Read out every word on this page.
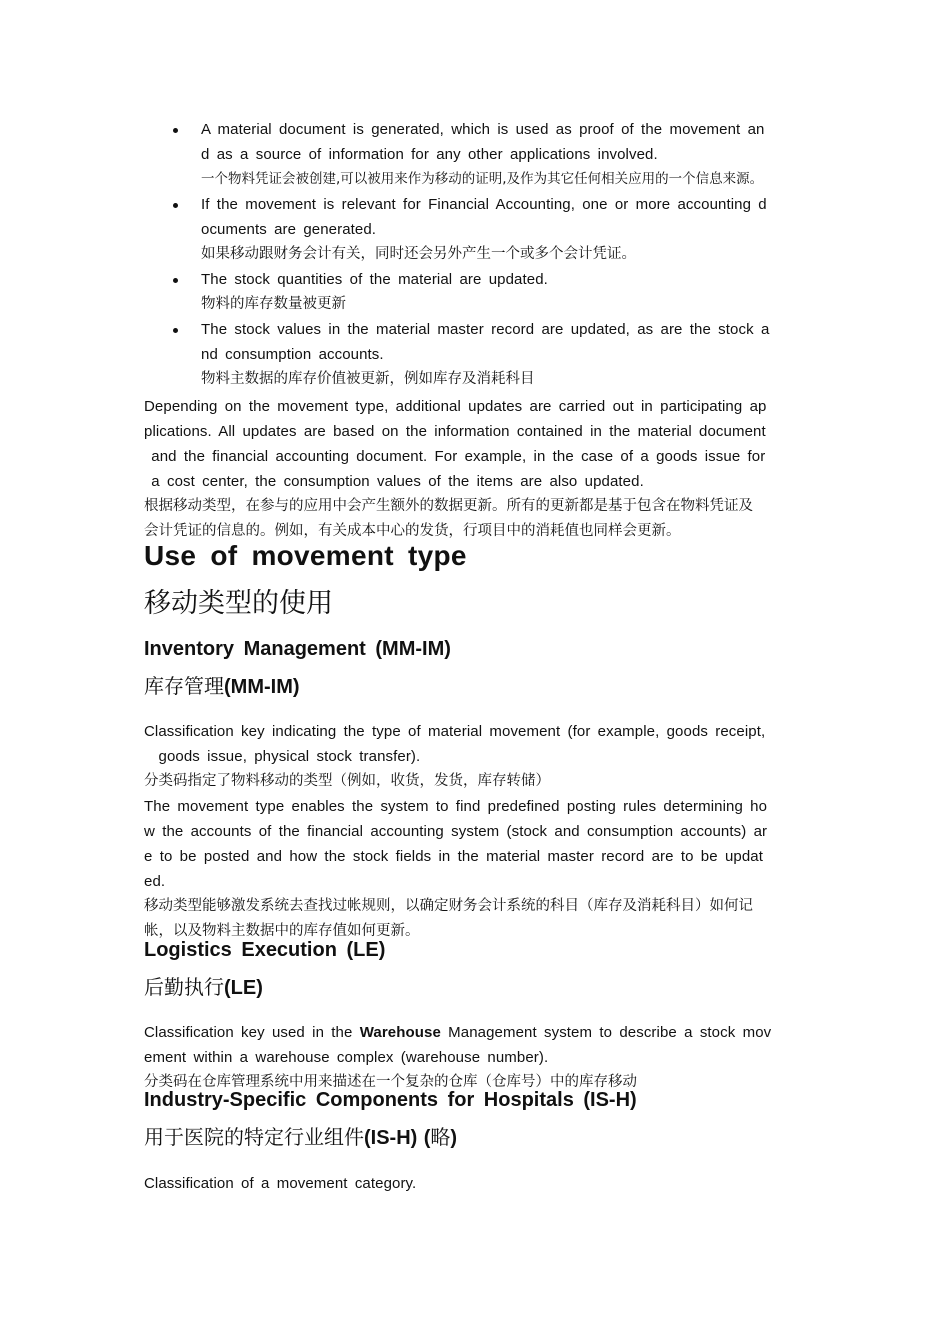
A material document is generated, which is used as proof of the movement an
d as a source of information for any other applications involved.
一个物料凭证会被创建,可以被用来作为移动的证明,及作为其它任何相关应用的一个信息来源。
If the movement is relevant for Financial Accounting, one or more accounting d
ocuments are generated.
如果移动跟财务会计有关，同时还会另外产生一个或多个会计凭证。
The stock quantities of the material are updated.
物料的库存数量被更新
The stock values in the material master record are updated, as are the stock a
nd consumption accounts.
物料主数据的库存价值被更新，例如库存及消耗科目
Depending on the movement type, additional updates are carried out in participating ap
plications. All updates are based on the information contained in the material document
and the financial accounting document. For example, in the case of a goods issue for
a cost center, the consumption values of the items are also updated.
根据移动类型，在参与的应用中会产生额外的数据更新。所有的更新都是基于包含在物料凭证及
会计凭证的信息的。例如，有关成本中心的发货，行项目中的消耗值也同样会更新。
Use of movement type
移动类型的使用
Inventory Management (MM-IM)
库存管理(MM-IM)
Classification key indicating the type of material movement (for example, goods receipt,
goods issue, physical stock transfer).
分类码指定了物料移动的类型（例如，收货，发货，库存转储）
The movement type enables the system to find predefined posting rules determining ho
w the accounts of the financial accounting system (stock and consumption accounts) ar
e to be posted and how the stock fields in the material master record are to be updat
ed.
移动类型能够激发系统去查找过帐规则，以确定财务会计系统的科目（库存及消耗科目）如何记
帐，以及物料主数据中的库存值如何更新。
Logistics Execution (LE)
后勤执行(LE)
Classification key used in the Warehouse Management system to describe a stock mov
ement within a warehouse complex (warehouse number).
分类码在仓库管理系统中用来描述在一个复杂的仓库（仓库号）中的库存移动
Industry-Specific Components for Hospitals (IS-H)
用于医院的特定行业组件(IS-H) (略)
Classification of a movement category.
